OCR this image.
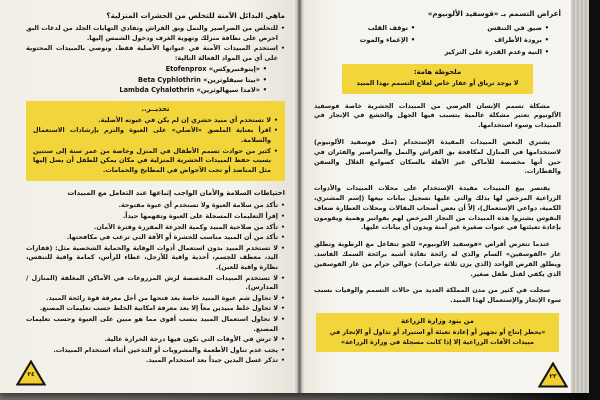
أعراض التسمم بـ «فوسفيد الألونيوم»
• ضيق في التنفس
• توقف القلب
• برودة الأطراف
• الإغماء والموت
• التيه وعدم القدرة على التركيز
ملحوظة هامة:
لا يوجد ترياق أو عقار خاص لعلاج التسمم بهذا المبيد
مشكلة تسمم الإنسان العرضي من المبيدات الحشرية خاصة فوسفيد الألونيوم تعتبر مشكلة عالمية يتسبب فيها الجهل والجشع في الإتجار في المبيدات وسوء استخدامها.
يشتري البعض المبيدات المقيدة الإستخدام (مثل فوسفيد الألونيوم) لاستخدامها في المنازل لمكافحة بق الفراش والنمل والصراصير والفئران في حين أنها مخصصة للأماكن غير الآهلة بالسكان كصوامع الغلال والسفن والقطارات.
يقتصر بيع المبيدات مقيدة الإستخدام على محلات المبيدات والأدوات الزراعية المرخص لها بذلك والتي عليها تسجيل بيانات بيعها (إسم المشتري، الكمية، دواعي الإستعمال)، إلاّ أن بعض أصحاب البقالات ومحلات العطارة ضعاف النفوس يشتروا هذه المبيدات من التجار المرخص لهم بفواتير وهمية ويقومون بإعادة تعبئتها في عبوات صغيرة غير آمنة وبدون أي بيانات عليها.
عندما تتعرض أقراص «فوسفيد الألونيوم» للجو تتفاعل مع الرطوبة وتطلق غاز «الفوسفين» السام والذي له رائحة نفاذة أشبه برائحة السمك الفاسد. ويطلق القرص الواحد (الذي يزن ثلاثة جرامات) حوالي جرام من غاز الفوسفين الذي يكفي لقتل طفل صغير.
سجلت في كثير من مدن المملكة العديد من حالات التسمم والوفيات بسبب سوء الإتجار والإستعمال لهذا المبيد.
من بنود وزارة الزراعة
«يحظر إنتاج أو تجهيز أو إعادة تعبئة أو استيراد أو تداول أو الإتجار في مبيدات الآفات الزراعية إلا إذا كانت مسجلة في وزارة الزراعة»
ماهي البدائل الآمنة للتخلص من الحشرات المنزلية؟
• للتخلص من الصراصير والنمل وبق الفراش وتفادي التهابات الجلد من لدغات البق احرص على نظافة منزلك وتهوية الغرف ودخول الشمس إليها.
• استخدم المبيدات الآمنة في عبواتها الأصلية فقط، ونوصي بالمبيدات المحتوية على أي من المواد الفعالة التالية:
• «إيتوفنبروكس» Etofenprox
• «بيتا سيفلوثرين» Beta Cyphlothrin
• «لامدا سيهالوثرين» Lambda Cyhalothrin
تحذيــر..
• لا تستخدم أي مبيد حشري إن لم يكن في عبوته الأصلية.
• اقرأ بعناية الملصق «الأصلي» على العبوة والتزم بإرشادات الاستعمال والسلامة.
• كثير من حوادث تسمم الأطفال في المنزل وخاصة من عمر سنة إلى سنتين بسبب حفظ المبيدات الحشرية المنزلية في مكان يمكن للطفل أن يصل إليها مثل المناضد أو تحت الأحواض في المطابخ والحمامات.
احتياطات السلامة والأمان الواجب إتباعها عند التعامل مع المبيدات
• تأكد من سلامة العبوة ولا تستخدم أي عبوة مفتوحة.
• إقرأ التعليمات المسجلة على العبوة وتفهمها جيداً.
• تأكد من صلاحية المبيد وكمية الجرعة المقررة وفترة الأمان.
• تأكد من أن المبيد مناسب للحشرة أو الآفة التي ترغب في مكافحتها.
• لا تستخدم المبيد بدون استعمال أدوات الوقاية والحماية الشخصية مثل: (قفازات اليد، معطف للجسم، أحذية واقية للأرجل، غطاء للرأس، كمامة واقية للتنفس، نظارة واقية للعين).
• لا تستخدم المبيدات المخصصة لرش المزروعات في الأماكن المغلقة (المنازل / المدارس).
• لا تحاول شم عبوة المبيد خاصة بعد فتحها من أجل معرفة قوة رائحة المبيد.
• لا تحاول خلط مبيدين معاً إلا بعد معرفة امكانية الخلط حسب تعليمات المصنع.
• لا تحاول استعمال المبيد بنسب أقوى مما هو مبين على العبوة وحسب تعليمات المصنع.
• لا ترش في الأوقات التي تكون فيها درجة الحرارة عالية.
• يجب عدم تناول الأطعمة والمشروبات أو التدخين أثناء استخدام المبيدات.
• تذكر غسل اليدين جيداً بعد استخدام المبيد.
٢٤	٢٣
